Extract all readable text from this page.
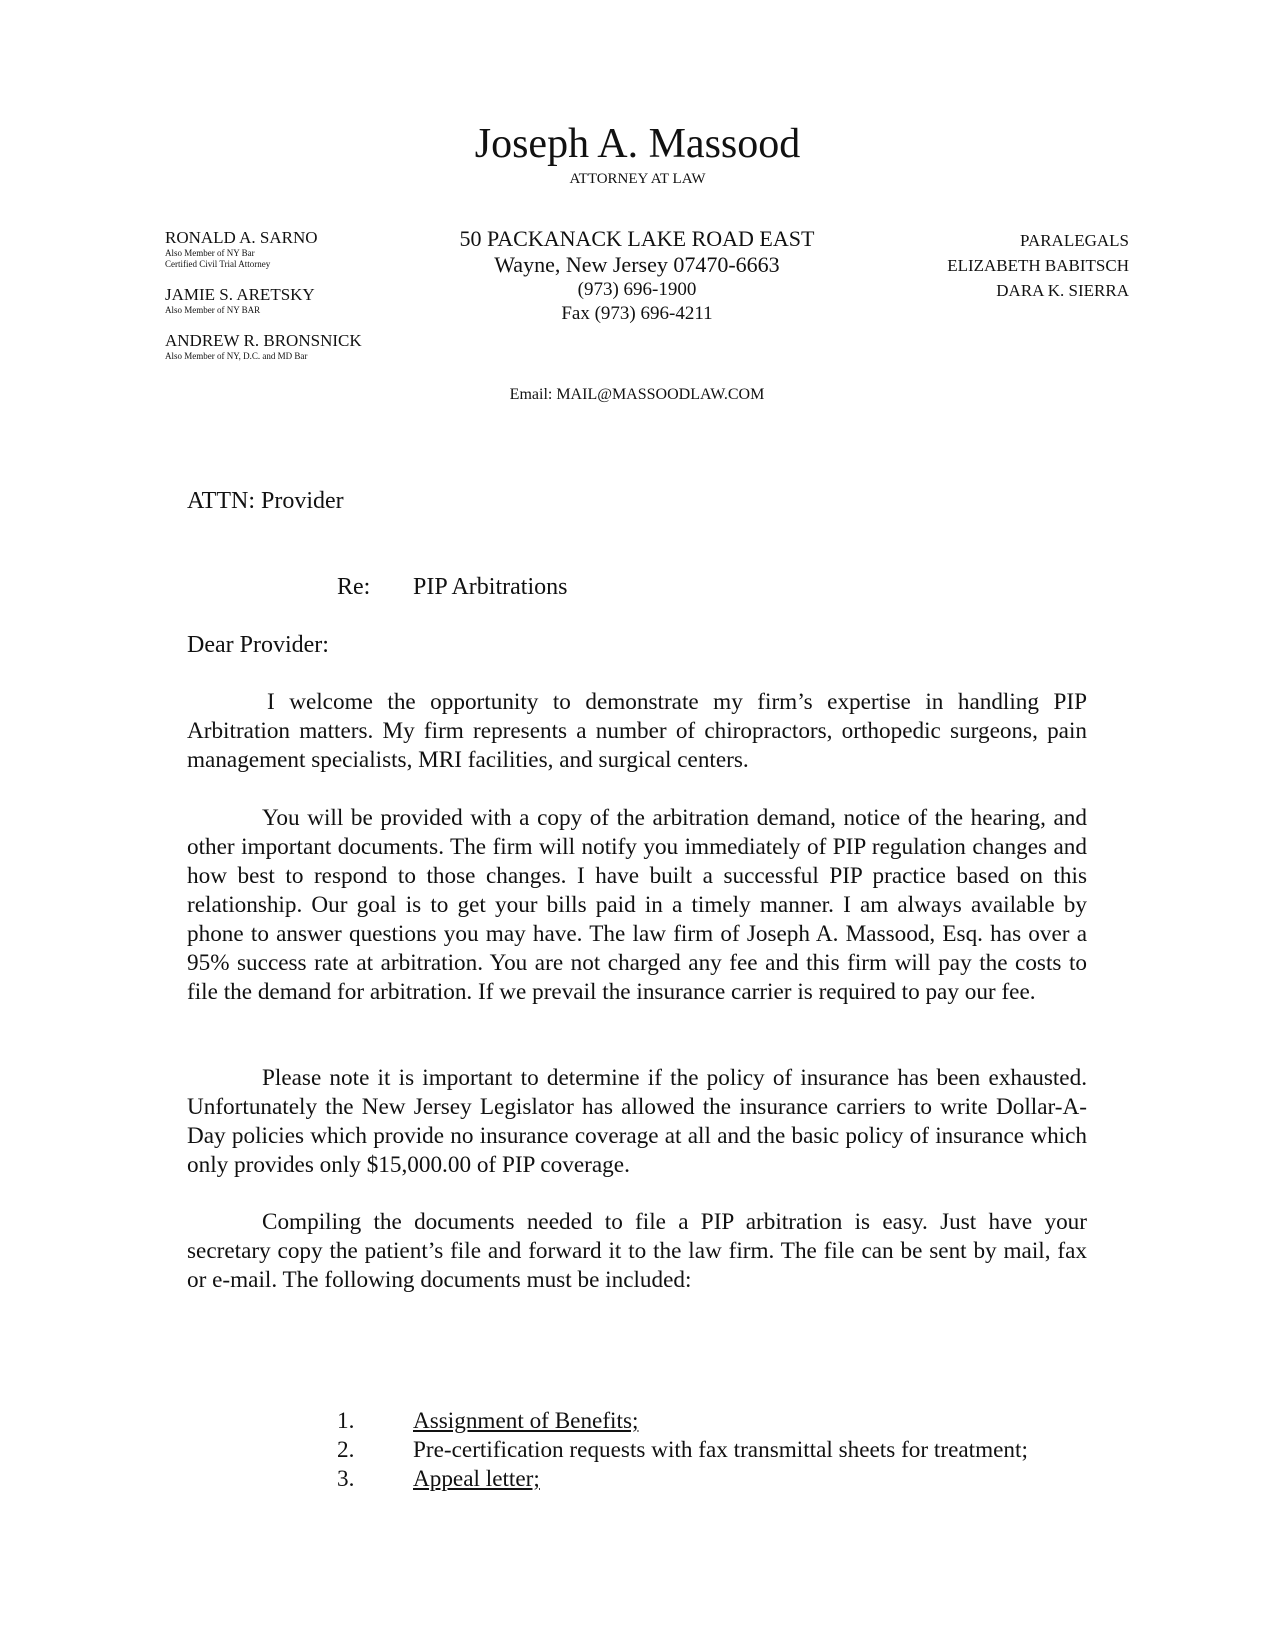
Joseph A. Massood
ATTORNEY AT LAW
RONALD A. SARNO
Also Member of NY Bar
Certified Civil Trial Attorney
JAMIE S. ARETSKY
Also Member of NY BAR
ANDREW R. BRONSNICK
Also Member of NY, D.C. and MD Bar
50 PACKANACK LAKE ROAD EAST
Wayne, New Jersey 07470-6663
(973) 696-1900
Fax (973) 696-4211
PARALEGALS
ELIZABETH BABITSCH
DARA K. SIERRA
Email: MAIL@MASSOODLAW.COM
ATTN: Provider
Re: PIP Arbitrations
Dear Provider:

I welcome the opportunity to demonstrate my firm’s expertise in handling PIP Arbitration matters. My firm represents a number of chiropractors, orthopedic surgeons, pain management specialists, MRI facilities, and surgical centers.

You will be provided with a copy of the arbitration demand, notice of the hearing, and other important documents. The firm will notify you immediately of PIP regulation changes and how best to respond to those changes. I have built a successful PIP practice based on this relationship. Our goal is to get your bills paid in a timely manner. I am always available by phone to answer questions you may have. The law firm of Joseph A. Massood, Esq. has over a 95% success rate at arbitration. You are not charged any fee and this firm will pay the costs to file the demand for arbitration. If we prevail the insurance carrier is required to pay our fee.

Please note it is important to determine if the policy of insurance has been exhausted. Unfortunately the New Jersey Legislator has allowed the insurance carriers to write Dollar-A-Day policies which provide no insurance coverage at all and the basic policy of insurance which only provides only $15,000.00 of PIP coverage.

Compiling the documents needed to file a PIP arbitration is easy. Just have your secretary copy the patient’s file and forward it to the law firm. The file can be sent by mail, fax or e-mail. The following documents must be included:

1.	Assignment of Benefits;
2.	Pre-certification requests with fax transmittal sheets for treatment;
3.	Appeal letter;
